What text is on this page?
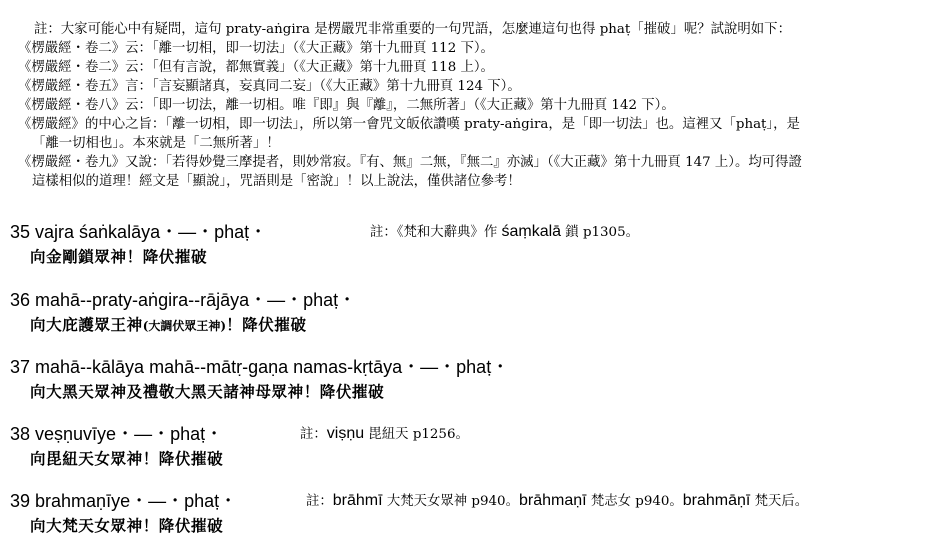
註：大家可能心中有疑問，這句 praty-aṅgira 是楞嚴咒非常重要的一句咒語，怎麼連這句也得 phaṭ「摧破」呢？試說明如下：

《楞嚴經・卷二》云：「離一切相，即一切法」（《大正藏》第十九冊頁 112 下）。

《楞嚴經・卷二》云：「但有言說，都無實義」（《大正藏》第十九冊頁 118 上）。

《楞嚴經・卷五》言：「言妄顯諸真，妄真同二妄」（《大正藏》第十九冊頁 124 下）。

《楞嚴經・卷八》云：「即一切法，離一切相。唯『即』與『離』，二無所著」（《大正藏》第十九冊頁 142 下）。

《楞嚴經》的中心之旨：「離一切相，即一切法」，所以第一會咒文皈依讚嘆 praty-aṅgira，是「即一切法」也。這裡又「phaṭ」，是

「離一切相也」。本來就是「二無所著」！

《楞嚴經・卷九》又說：「若得妙覺三摩提者，則妙常寂。『有、無』二無，『無二』亦滅」（《大正藏》第十九冊頁 147 上）。均可得證

這樣相似的道理！經文是「顯說」，咒語則是「密說」！以上說法，僅供諸位參考！

35 vajra śaṅkalāya・—・phaṭ・	註：《梵和大辭典》作 śaṃkalā 鎖 p1305。
向金剛鎖眾神！降伏摧破
36 mahā--praty-aṅgira--rājāya・—・phaṭ・
向大庇護眾王神(大調伏眾王神)！降伏摧破
37 mahā--kālāya mahā--mātṛ-gaṇa namas-kṛtāya・—・phaṭ・
向大黑天眾神及禮敬大黑天諸神母眾神！降伏摧破
38 veṣṇuvīye・—・phaṭ・	註：viṣṇu 毘紐天 p1256。
向毘紐天女眾神！降伏摧破
39 brahmaṇīye・—・phaṭ・	註：brāhmī 大梵天女眾神 p940。brāhmaṇī 梵志女 p940。brahmāṇī 梵天后。
向大梵天女眾神！降伏摧破
